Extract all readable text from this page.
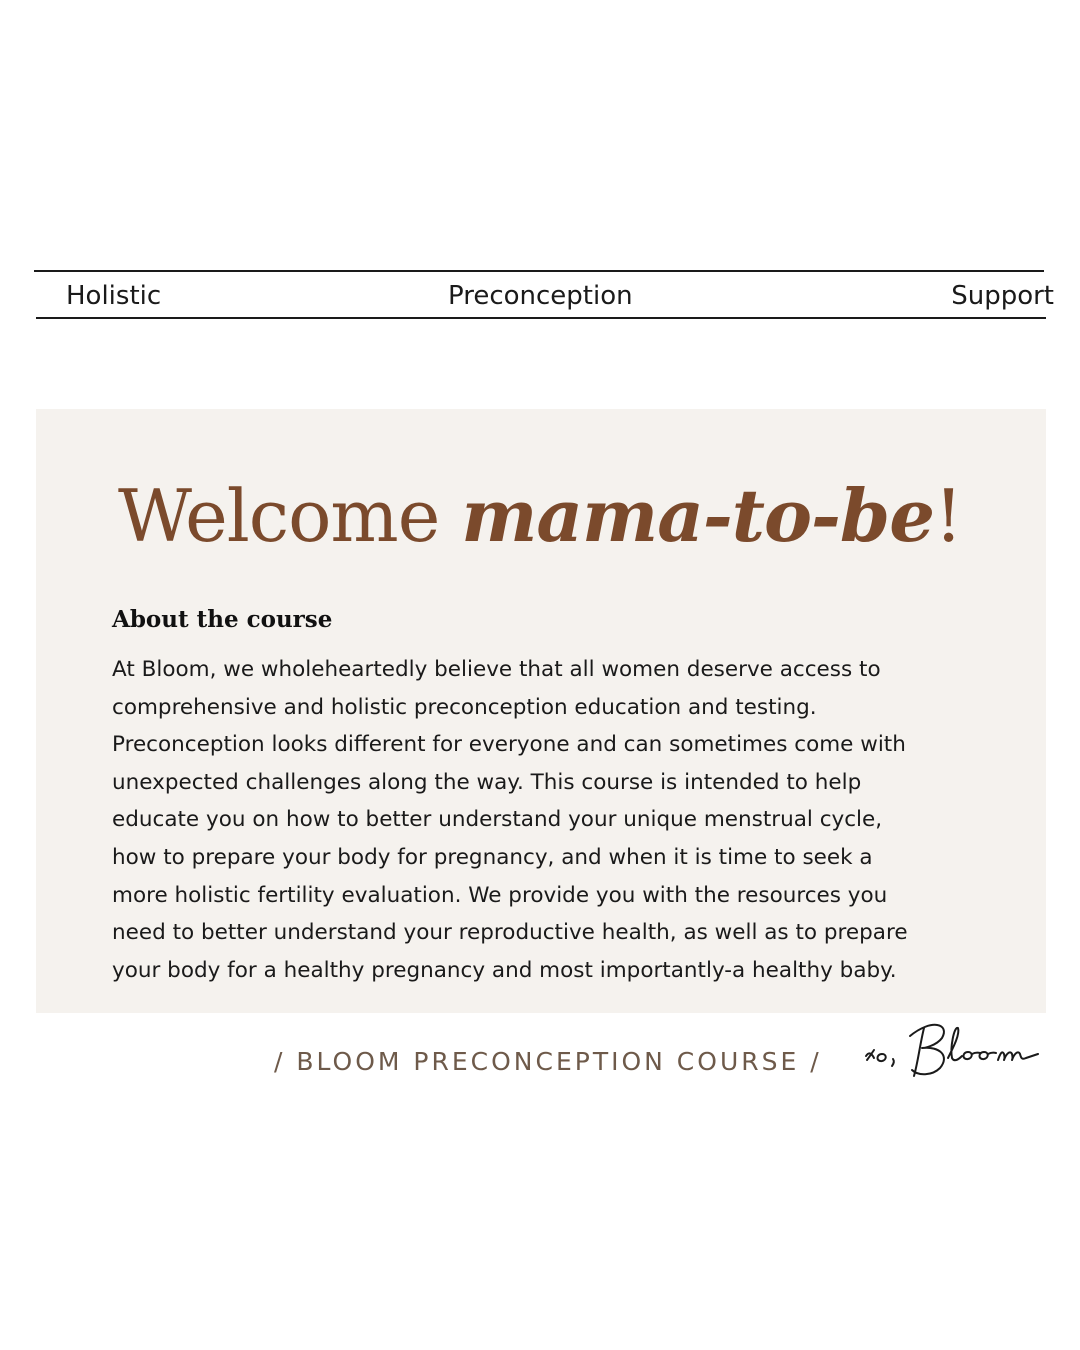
Holistic	Preconception	Support
Welcome mama-to-be!
About the course
At Bloom, we wholeheartedly believe that all women deserve access to
comprehensive and holistic preconception education and testing.
Preconception looks different for everyone and can sometimes come with
unexpected challenges along the way. This course is intended to help
educate you on how to better understand your unique menstrual cycle,
how to prepare your body for pregnancy, and when it is time to seek a
more holistic fertility evaluation. We provide you with the resources you
need to better understand your reproductive health, as well as to prepare
your body for a healthy pregnancy and most importantly-a healthy baby.
/ BLOOM PRECONCEPTION COURSE /
